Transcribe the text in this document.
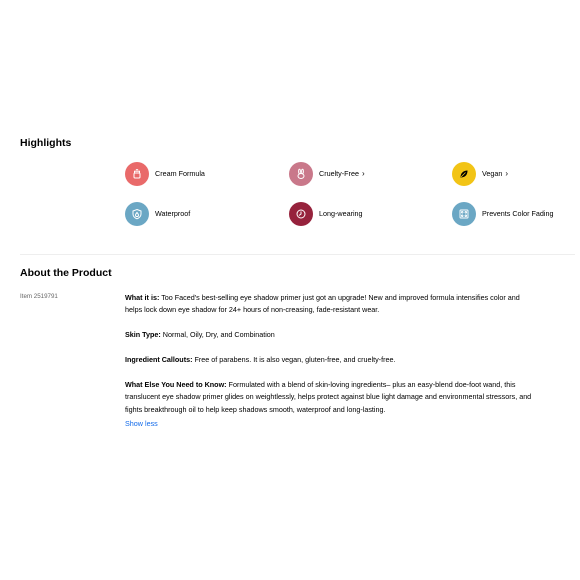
Highlights
Cream Formula	Cruelty-Free ›	Vegan ›
Waterproof	Long-wearing	Prevents Color Fading
About the Product
Item 2519791	What it is: Too Faced's best-selling eye shadow primer just got an upgrade! New and improved formula intensifies color and helps lock down eye shadow for 24+ hours of non-creasing, fade-resistant wear.

Skin Type: Normal, Oily, Dry, and Combination

Ingredient Callouts: Free of parabens. It is also vegan, gluten-free, and cruelty-free.

What Else You Need to Know: Formulated with a blend of skin-loving ingredients– plus an easy-blend doe-foot wand, this translucent eye shadow primer glides on weightlessly, helps protect against blue light damage and environmental stressors, and fights breakthrough oil to help keep shadows smooth, waterproof and long-lasting.

Show less
